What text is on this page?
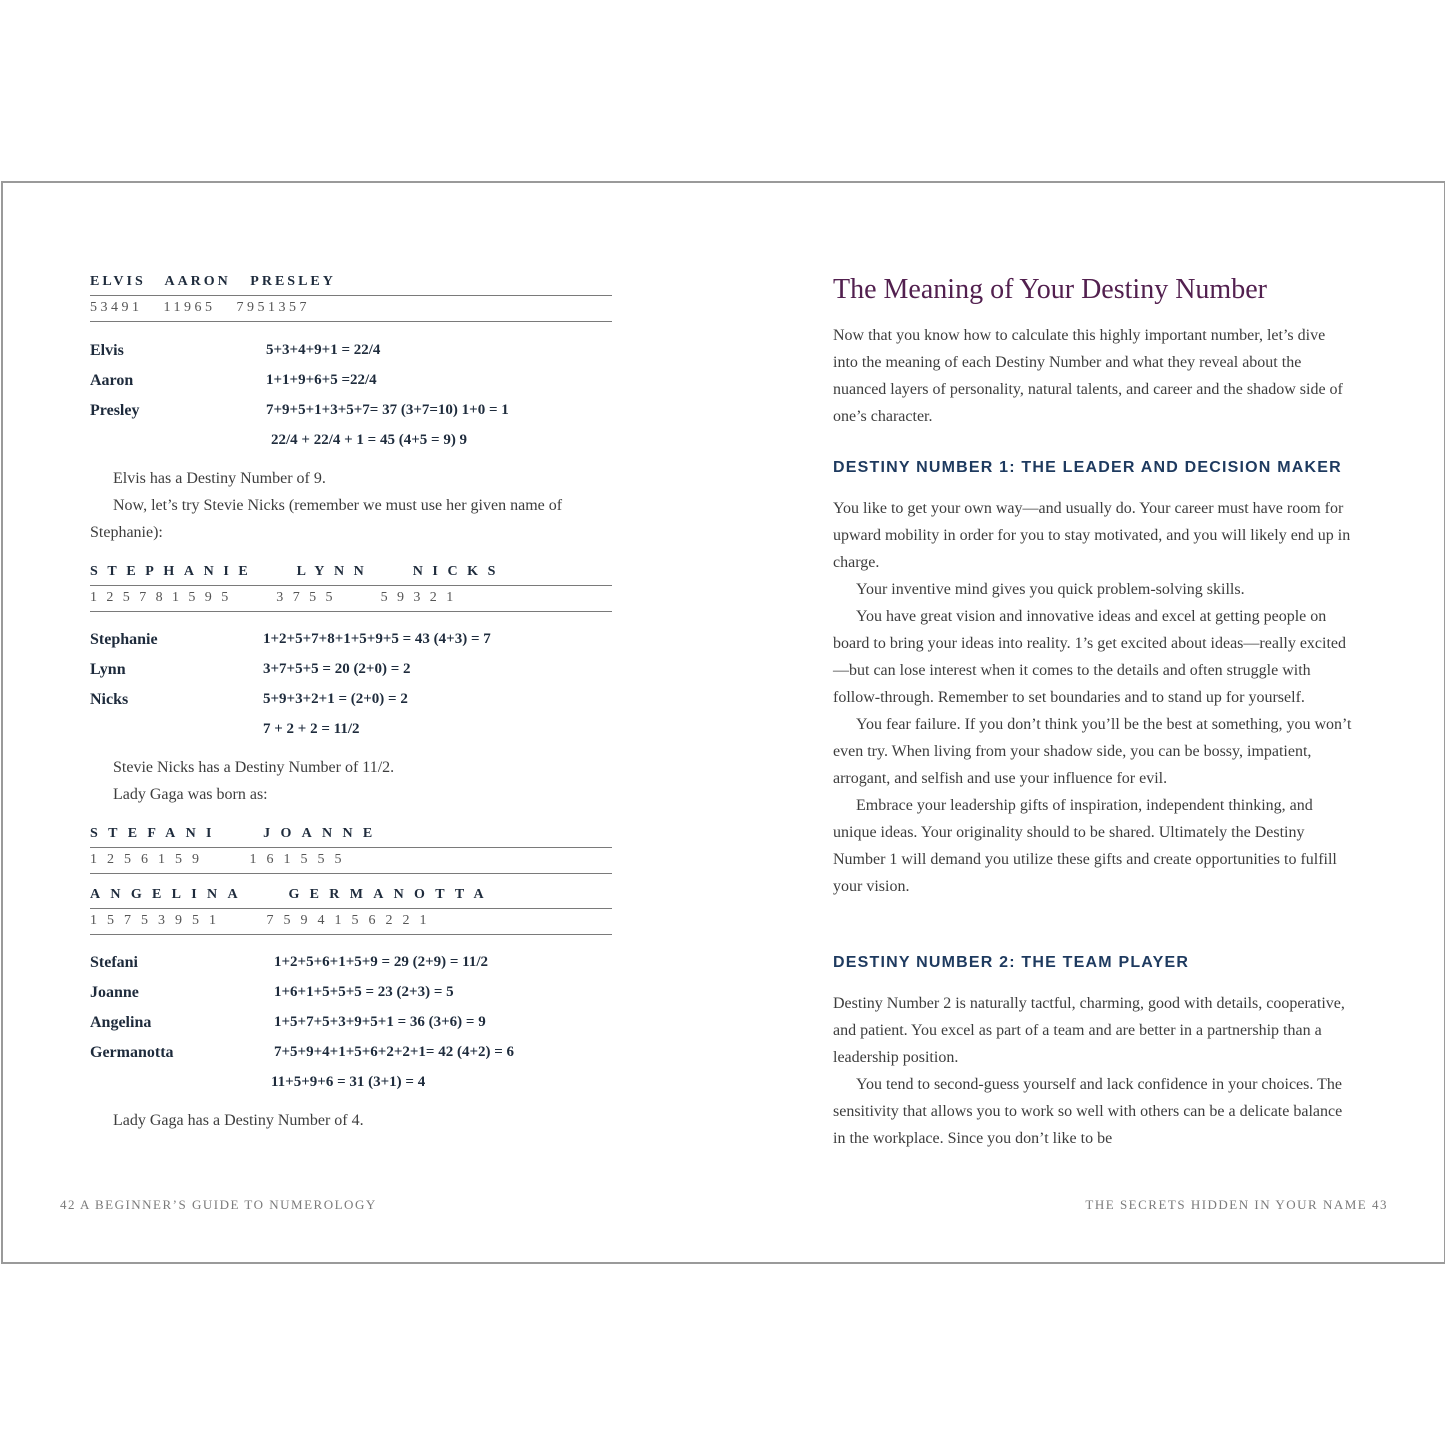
ELVIS   AARON   PRESLEY
53491   11965   7951357
Elvis	5+3+4+9+1 = 22/4
Aaron	1+1+9+6+5 =22/4
Presley	7+9+5+1+3+5+7= 37 (3+7=10) 1+0 = 1
22/4 + 22/4 + 1 = 45 (4+5 = 9) 9

Elvis has a Destiny Number of 9.

Now, let’s try Stevie Nicks (remember we must use her given name of Stephanie):

STEPHANIE   LYNN   NICKS
125781595   3755   59321
Stephanie	1+2+5+7+8+1+5+9+5 = 43 (4+3) = 7
Lynn	3+7+5+5 = 20 (2+0) = 2
Nicks	5+9+3+2+1 = (2+0) = 2
7 + 2 + 2 = 11/2

Stevie Nicks has a Destiny Number of 11/2.

Lady Gaga was born as:

STEFANI   JOANNE
1256159   161555
ANGELINA   GERMANOTTA
15753951   7594156221
Stefani	1+2+5+6+1+5+9 = 29 (2+9) = 11/2
Joanne	1+6+1+5+5+5 = 23 (2+3) = 5
Angelina	1+5+7+5+3+9+5+1 = 36 (3+6) = 9
Germanotta	7+5+9+4+1+5+6+2+2+1= 42 (4+2) = 6
11+5+9+6 = 31 (3+1) = 4

Lady Gaga has a Destiny Number of 4.

42 A BEGINNER’S GUIDE TO NUMEROLOGY
The Meaning of Your Destiny Number

Now that you know how to calculate this highly important number, let’s dive into the meaning of each Destiny Number and what they reveal about the nuanced layers of personality, natural talents, and career and the shadow side of one’s character.

DESTINY NUMBER 1: THE LEADER AND DECISION MAKER

You like to get your own way—and usually do. Your career must have room for upward mobility in order for you to stay motivated, and you will likely end up in charge.

Your inventive mind gives you quick problem-solving skills.

You have great vision and innovative ideas and excel at getting people on board to bring your ideas into reality. 1’s get excited about ideas—really excited—but can lose interest when it comes to the details and often struggle with follow-through. Remember to set boundaries and to stand up for yourself.

You fear failure. If you don’t think you’ll be the best at something, you won’t even try. When living from your shadow side, you can be bossy, impatient, arrogant, and selfish and use your influence for evil.

Embrace your leadership gifts of inspiration, independent thinking, and unique ideas. Your originality should to be shared. Ultimately the Destiny Number 1 will demand you utilize these gifts and create opportunities to fulfill your vision.

DESTINY NUMBER 2: THE TEAM PLAYER

Destiny Number 2 is naturally tactful, charming, good with details, cooperative, and patient. You excel as part of a team and are better in a partnership than a leadership position.

You tend to second-guess yourself and lack confidence in your choices. The sensitivity that allows you to work so well with others can be a delicate balance in the workplace. Since you don’t like to be

THE SECRETS HIDDEN IN YOUR NAME 43
